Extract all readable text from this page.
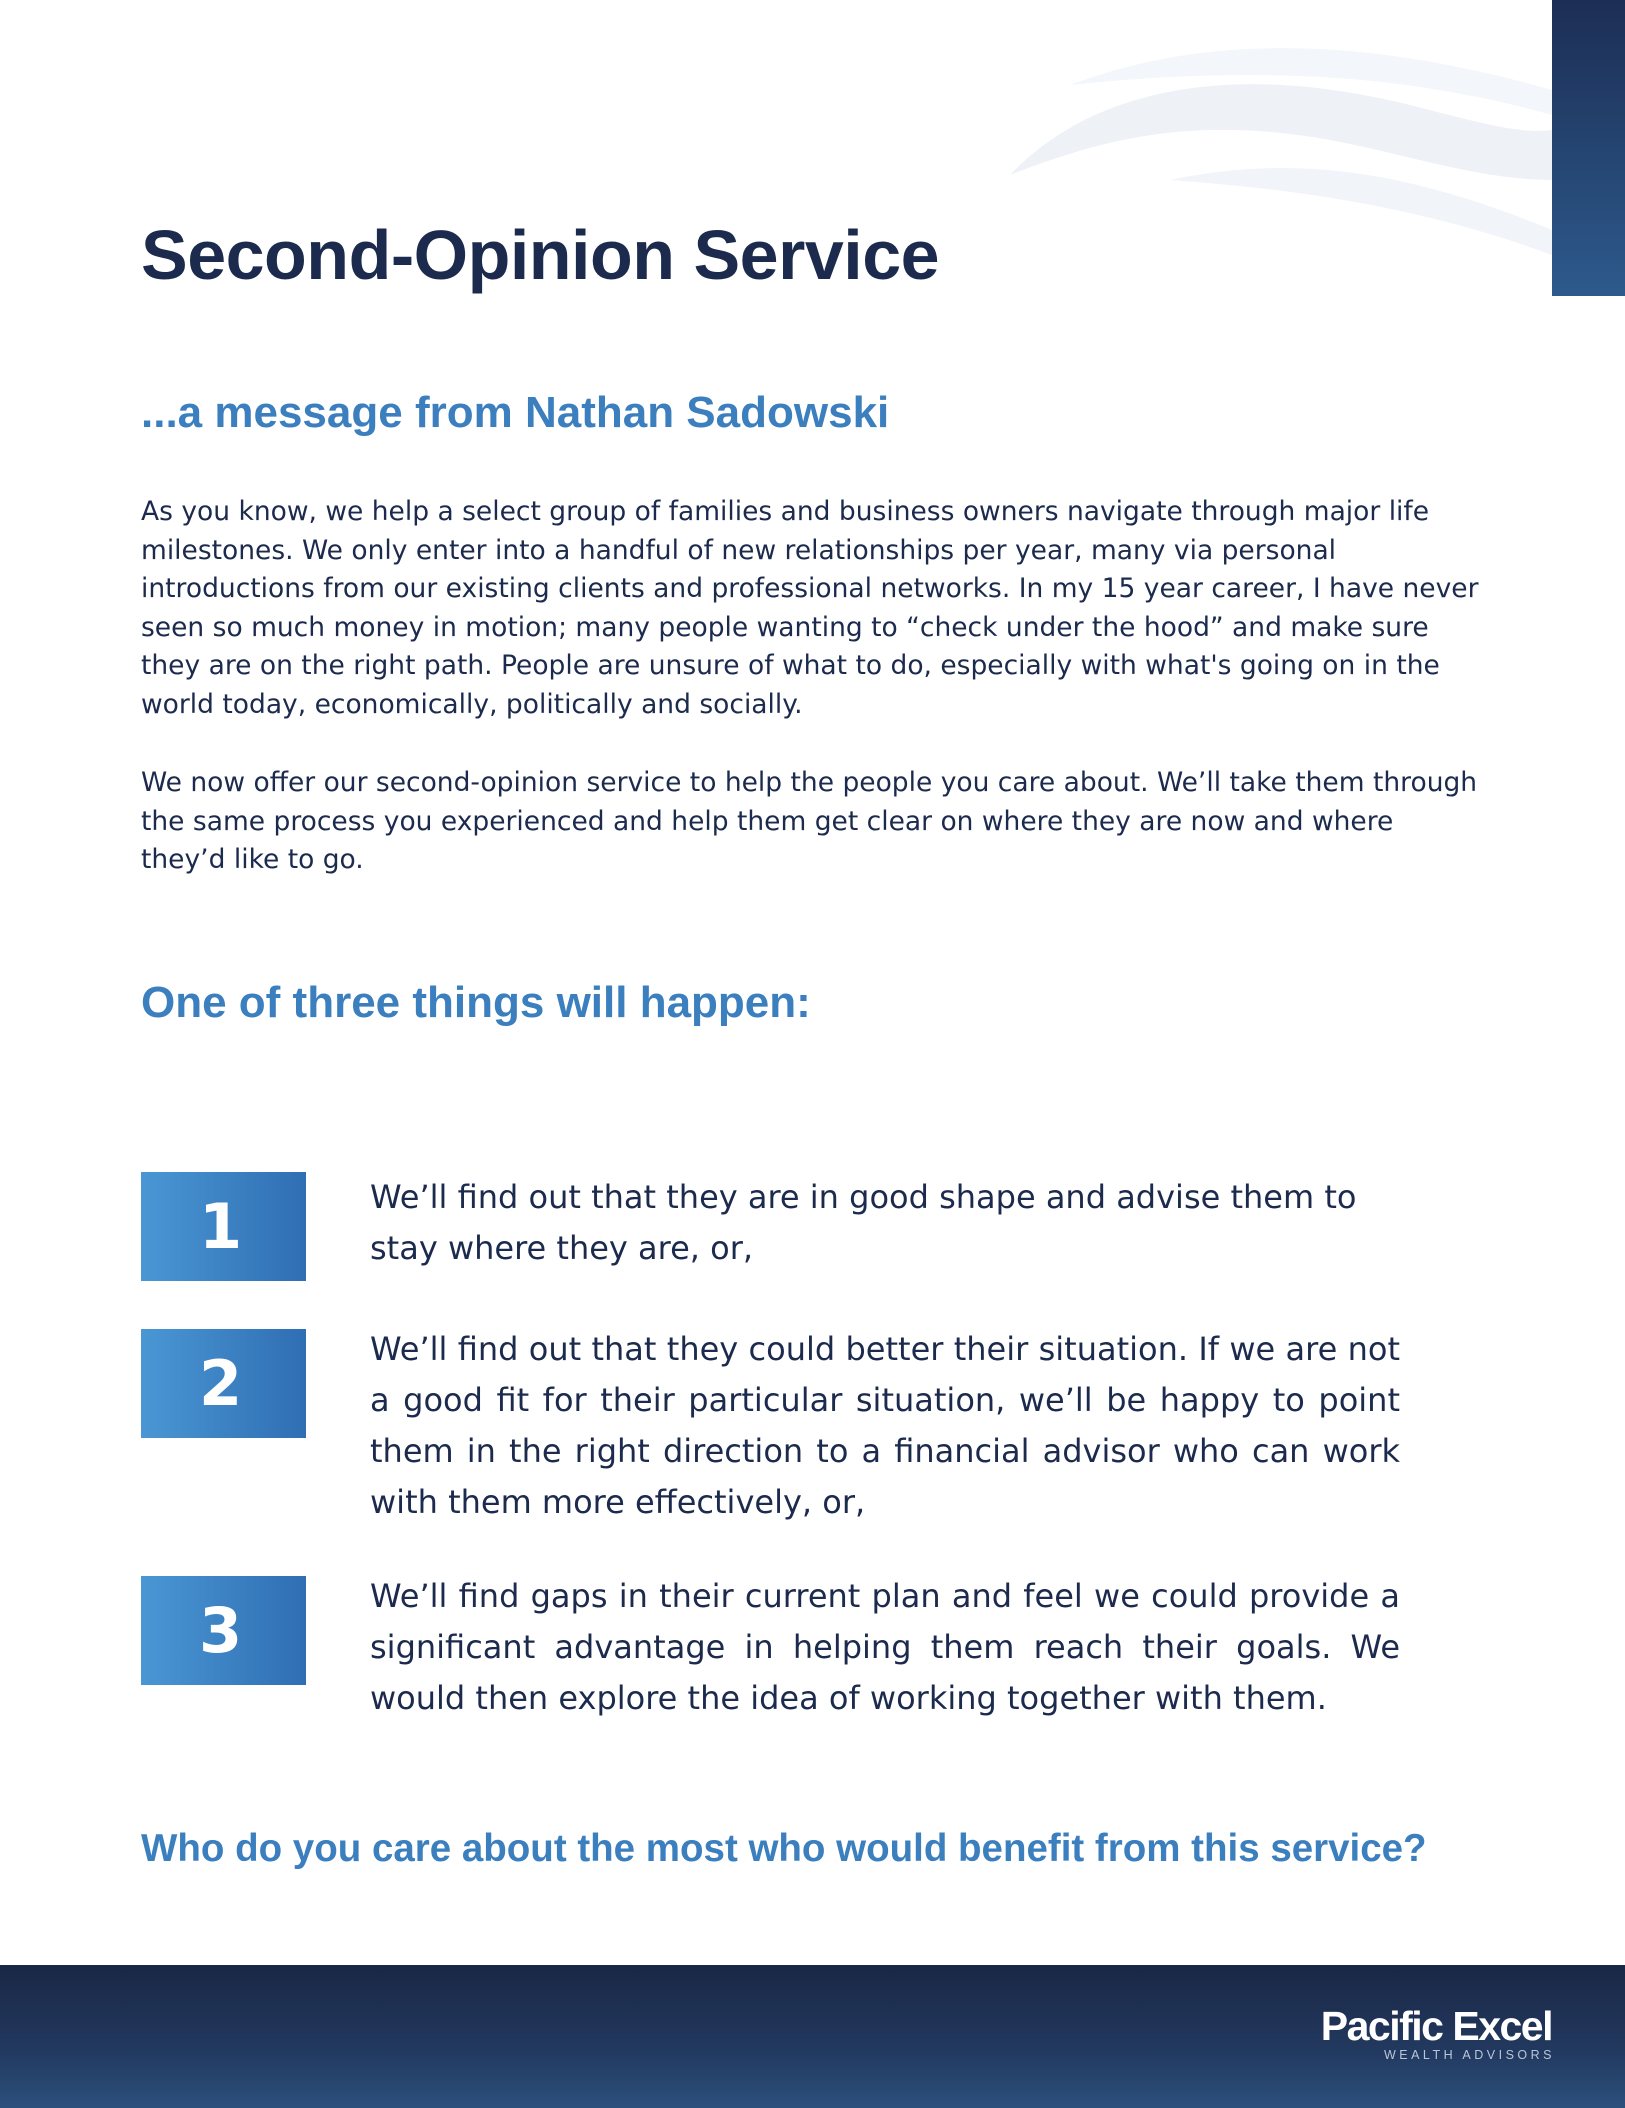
Second-Opinion Service
...a message from Nathan Sadowski
As you know, we help a select group of families and business owners navigate through major life milestones. We only enter into a handful of new relationships per year, many via personal introductions from our existing clients and professional networks. In my 15 year career, I have never seen so much money in motion; many people wanting to “check under the hood” and make sure they are on the right path. People are unsure of what to do, especially with what's going on in the world today, economically, politically and socially.
We now offer our second-opinion service to help the people you care about. We’ll take them through the same process you experienced and help them get clear on where they are now and where they’d like to go.
One of three things will happen:
1	We’ll find out that they are in good shape and advise them to stay where they are, or,
2	We’ll find out that they could better their situation. If we are not a good fit for their particular situation, we’ll be happy to point them in the right direction to a financial advisor who can work with them more effectively, or,
3	We’ll find gaps in their current plan and feel we could provide a significant advantage in helping them reach their goals. We would then explore the idea of working together with them.
Who do you care about the most who would benefit from this service?
Pacific Excel
WEALTH ADVISORS
